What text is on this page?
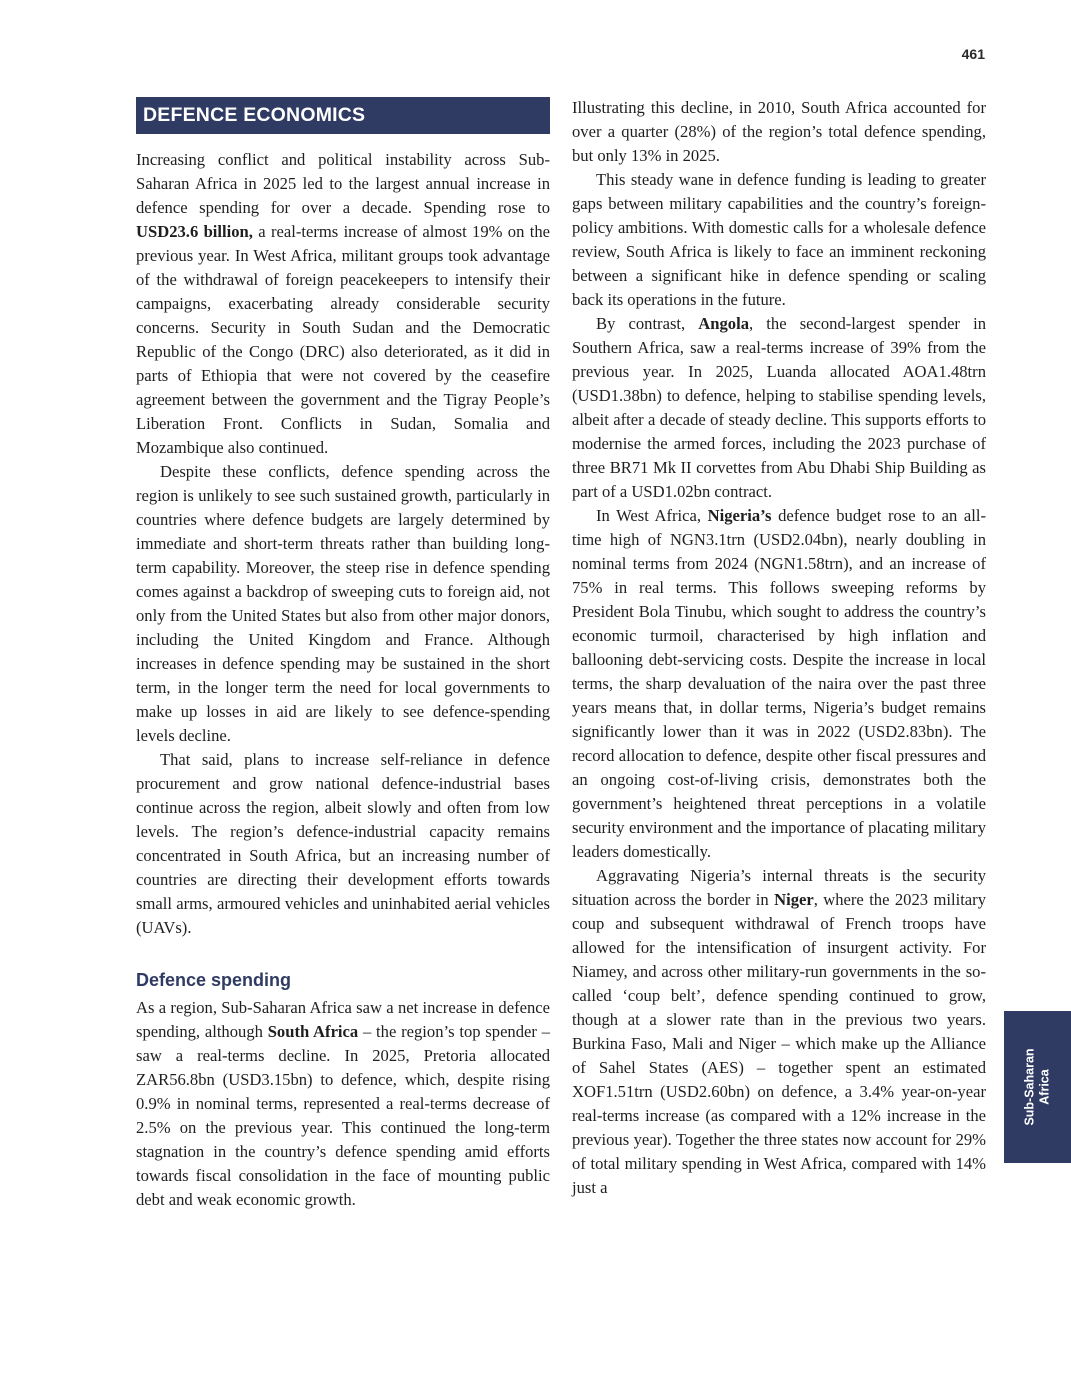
461
DEFENCE ECONOMICS

Increasing conflict and political instability across Sub-Saharan Africa in 2025 led to the largest annual increase in defence spending for over a decade. Spending rose to USD23.6 billion, a real-terms increase of almost 19% on the previous year. In West Africa, militant groups took advantage of the withdrawal of foreign peacekeepers to intensify their campaigns, exacerbating already considerable security concerns. Security in South Sudan and the Democratic Republic of the Congo (DRC) also deteriorated, as it did in parts of Ethiopia that were not covered by the ceasefire agreement between the government and the Tigray People’s Liberation Front. Conflicts in Sudan, Somalia and Mozambique also continued.

Despite these conflicts, defence spending across the region is unlikely to see such sustained growth, particularly in countries where defence budgets are largely determined by immediate and short-term threats rather than building long-term capability. Moreover, the steep rise in defence spending comes against a backdrop of sweeping cuts to foreign aid, not only from the United States but also from other major donors, including the United Kingdom and France. Although increases in defence spending may be sustained in the short term, in the longer term the need for local governments to make up losses in aid are likely to see defence-spending levels decline.

That said, plans to increase self-reliance in defence procurement and grow national defence-industrial bases continue across the region, albeit slowly and often from low levels. The region’s defence-industrial capacity remains concentrated in South Africa, but an increasing number of countries are directing their development efforts towards small arms, armoured vehicles and uninhabited aerial vehicles (UAVs).

Defence spending

As a region, Sub-Saharan Africa saw a net increase in defence spending, although South Africa – the region’s top spender – saw a real-terms decline. In 2025, Pretoria allocated ZAR56.8bn (USD3.15bn) to defence, which, despite rising 0.9% in nominal terms, represented a real-terms decrease of 2.5% on the previous year. This continued the long-term stagnation in the country’s defence spending amid efforts towards fiscal consolidation in the face of mounting public debt and weak economic growth.

Illustrating this decline, in 2010, South Africa accounted for over a quarter (28%) of the region’s total defence spending, but only 13% in 2025.

This steady wane in defence funding is leading to greater gaps between military capabilities and the country’s foreign-policy ambitions. With domestic calls for a wholesale defence review, South Africa is likely to face an imminent reckoning between a significant hike in defence spending or scaling back its operations in the future.

By contrast, Angola, the second-largest spender in Southern Africa, saw a real-terms increase of 39% from the previous year. In 2025, Luanda allocated AOA1.48trn (USD1.38bn) to defence, helping to stabilise spending levels, albeit after a decade of steady decline. This supports efforts to modernise the armed forces, including the 2023 purchase of three BR71 Mk II corvettes from Abu Dhabi Ship Building as part of a USD1.02bn contract.

In West Africa, Nigeria’s defence budget rose to an all-time high of NGN3.1trn (USD2.04bn), nearly doubling in nominal terms from 2024 (NGN1.58trn), and an increase of 75% in real terms. This follows sweeping reforms by President Bola Tinubu, which sought to address the country’s economic turmoil, characterised by high inflation and ballooning debt-servicing costs. Despite the increase in local terms, the sharp devaluation of the naira over the past three years means that, in dollar terms, Nigeria’s budget remains significantly lower than it was in 2022 (USD2.83bn). The record allocation to defence, despite other fiscal pressures and an ongoing cost-of-living crisis, demonstrates both the government’s heightened threat perceptions in a volatile security environment and the importance of placating military leaders domestically.

Aggravating Nigeria’s internal threats is the security situation across the border in Niger, where the 2023 military coup and subsequent withdrawal of French troops have allowed for the intensification of insurgent activity. For Niamey, and across other military-run governments in the so-called ‘coup belt’, defence spending continued to grow, though at a slower rate than in the previous two years. Burkina Faso, Mali and Niger – which make up the Alliance of Sahel States (AES) – together spent an estimated XOF1.51trn (USD2.60bn) on defence, a 3.4% year-on-year real-terms increase (as compared with a 12% increase in the previous year). Together the three states now account for 29% of total military spending in West Africa, compared with 14% just a

Sub-Saharan Africa
